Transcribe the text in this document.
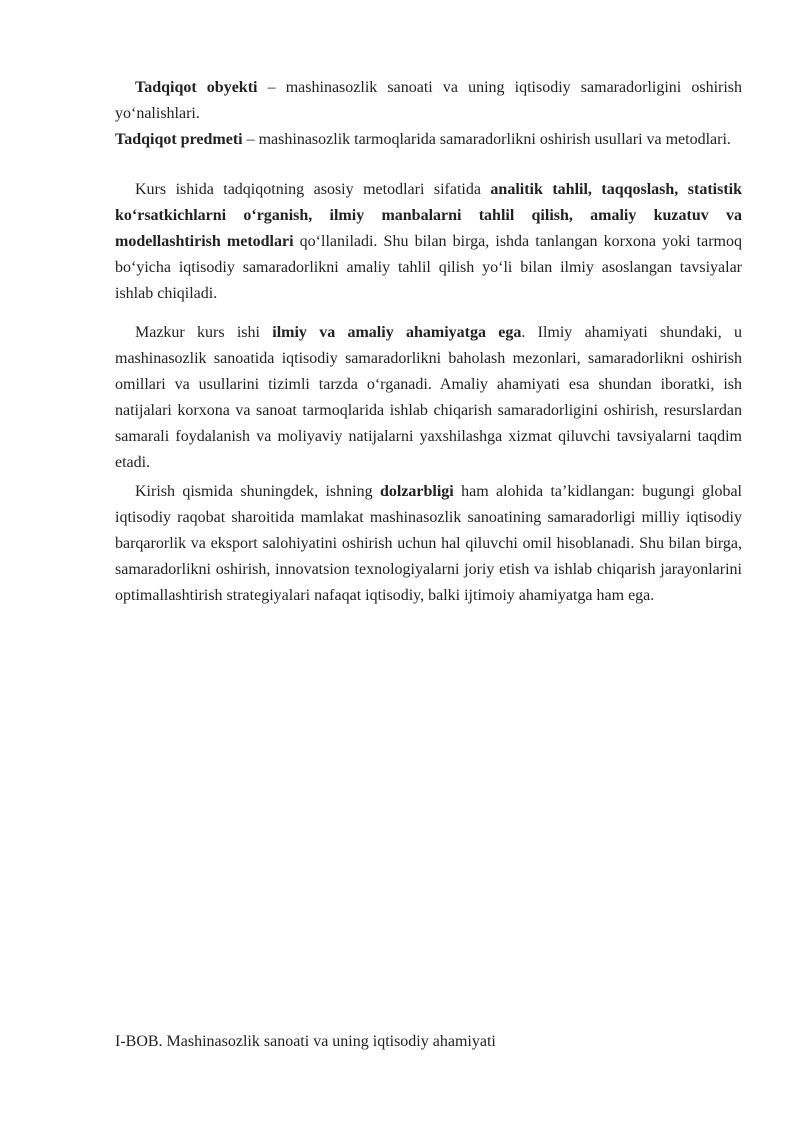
Tadqiqot obyekti – mashinasozlik sanoati va uning iqtisodiy samaradorligini oshirish yo‘nalishlari.

Tadqiqot predmeti – mashinasozlik tarmoqlarida samaradorlikni oshirish usullari va metodlari.

Kurs ishida tadqiqotning asosiy metodlari sifatida analitik tahlil, taqqoslash, statistik ko‘rsatkichlarni o‘rganish, ilmiy manbalarni tahlil qilish, amaliy kuzatuv va modellashtirish metodlari qo‘llaniladi. Shu bilan birga, ishda tanlangan korxona yoki tarmoq bo‘yicha iqtisodiy samaradorlikni amaliy tahlil qilish yo‘li bilan ilmiy asoslangan tavsiyalar ishlab chiqiladi.

Mazkur kurs ishi ilmiy va amaliy ahamiyatga ega. Ilmiy ahamiyati shundaki, u mashinasozlik sanoatida iqtisodiy samaradorlikni baholash mezonlari, samaradorlikni oshirish omillari va usullarini tizimli tarzda o‘rganadi. Amaliy ahamiyati esa shundan iboratki, ish natijalari korxona va sanoat tarmoqlarida ishlab chiqarish samaradorligini oshirish, resurslardan samarali foydalanish va moliyaviy natijalarni yaxshilashga xizmat qiluvchi tavsiyalarni taqdim etadi.

Kirish qismida shuningdek, ishning dolzarbligi ham alohida ta’kidlangan: bugungi global iqtisodiy raqobat sharoitida mamlakat mashinasozlik sanoatining samaradorligi milliy iqtisodiy barqarorlik va eksport salohiyatini oshirish uchun hal qiluvchi omil hisoblanadi. Shu bilan birga, samaradorlikni oshirish, innovatsion texnologiyalarni joriy etish va ishlab chiqarish jarayonlarini optimallashtirish strategiyalari nafaqat iqtisodiy, balki ijtimoiy ahamiyatga ham ega.

I-BOB. Mashinasozlik sanoati va uning iqtisodiy ahamiyati
